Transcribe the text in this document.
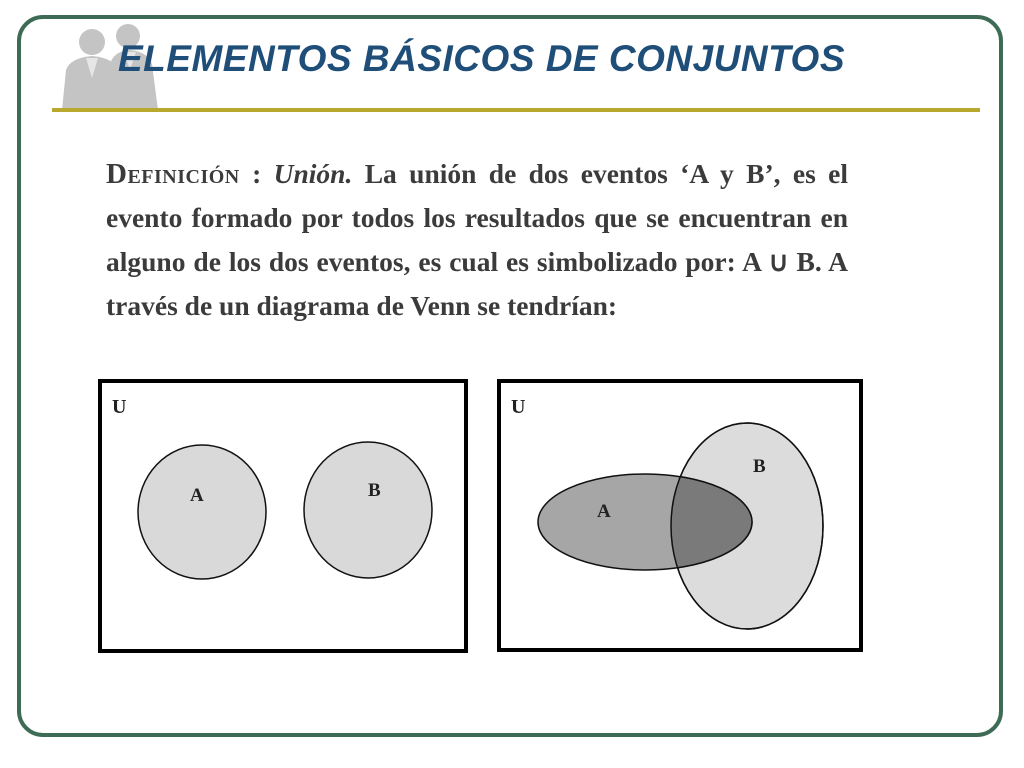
ELEMENTOS BÁSICOS DE CONJUNTOS

Definición : Unión. La unión de dos eventos ‘A y B’, es el evento formado por todos los resultados que se encuentran en alguno de los dos eventos, es cual es simbolizado por: A ∪ B. A través de un diagrama de Venn se tendrían:

U
A	B
U
A
B
